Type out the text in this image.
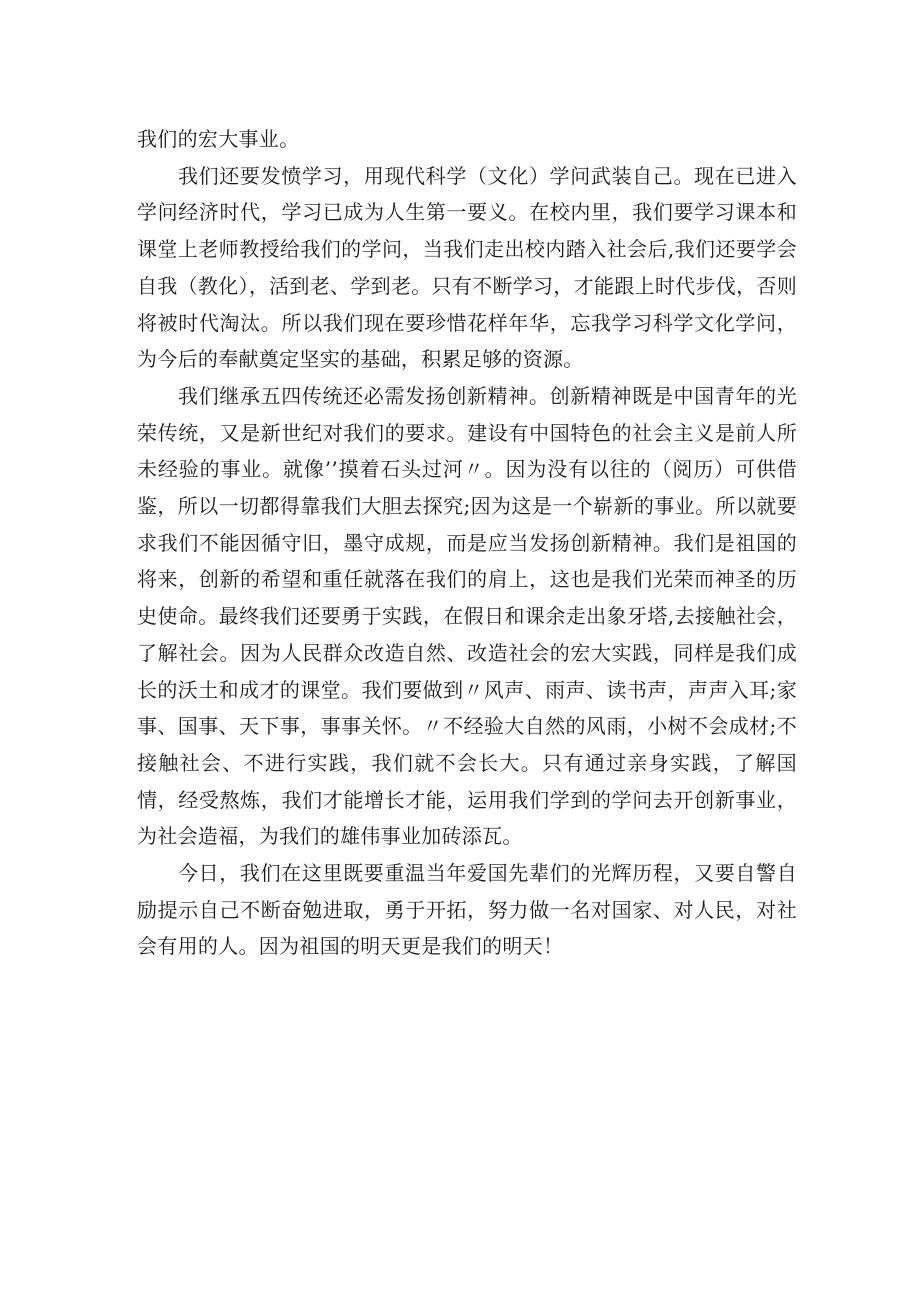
我们的宏大事业。

我们还要发愤学习，用现代科学（文化）学问武装自己。现在已进入学问经济时代，学习已成为人生第一要义。在校内里，我们要学习课本和课堂上老师教授给我们的学问，当我们走出校内踏入社会后,我们还要学会自我（教化），活到老、学到老。只有不断学习，才能跟上时代步伐，否则将被时代淘汰。所以我们现在要珍惜花样年华，忘我学习科学文化学问，为今后的奉献奠定坚实的基础，积累足够的资源。

我们继承五四传统还必需发扬创新精神。创新精神既是中国青年的光荣传统，又是新世纪对我们的要求。建设有中国特色的社会主义是前人所未经验的事业。就像’’摸着石头过河〃。因为没有以往的（阅历）可供借鉴，所以一切都得靠我们大胆去探究;因为这是一个崭新的事业。所以就要求我们不能因循守旧，墨守成规，而是应当发扬创新精神。我们是祖国的将来，创新的希望和重任就落在我们的肩上，这也是我们光荣而神圣的历史使命。最终我们还要勇于实践，在假日和课余走出象牙塔,去接触社会，了解社会。因为人民群众改造自然、改造社会的宏大实践，同样是我们成长的沃土和成才的课堂。我们要做到〃风声、雨声、读书声，声声入耳;家事、国事、天下事，事事关怀。〃不经验大自然的风雨，小树不会成材;不接触社会、不进行实践，我们就不会长大。只有通过亲身实践，了解国情，经受熬炼，我们才能增长才能，运用我们学到的学问去开创新事业，为社会造福，为我们的雄伟事业加砖添瓦。

今日，我们在这里既要重温当年爱国先辈们的光辉历程，又要自警自励提示自己不断奋勉进取，勇于开拓，努力做一名对国家、对人民，对社会有用的人。因为祖国的明天更是我们的明天！
